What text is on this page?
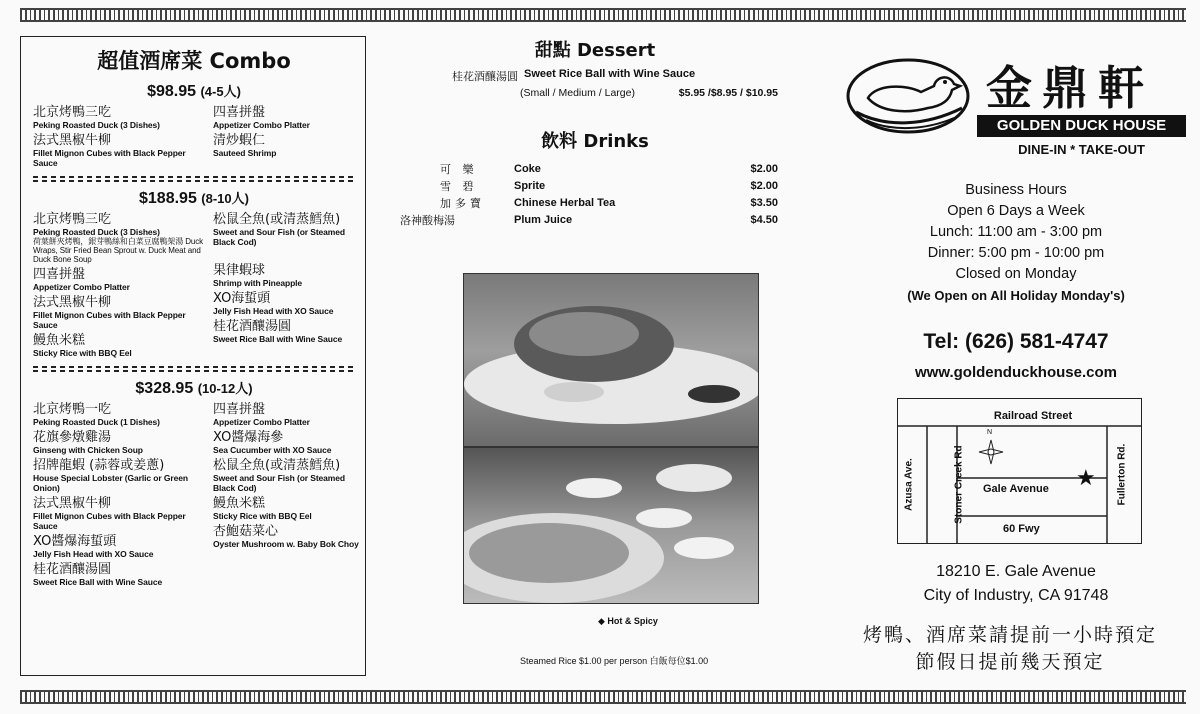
超值酒席菜 Combo
$98.95 (4-5人)
北京烤鴨三吃
Peking Roasted Duck (3 Dishes)
法式黑椒牛柳
Fillet Mignon Cubes with Black Pepper Sauce
四喜拼盤
Appetizer Combo Platter
清炒蝦仁
Sauteed Shrimp
$188.95 (8-10人)
北京烤鴨三吃
Peking Roasted Duck (3 Dishes)
荷葉餅夾烤鴨，銀芽鴨絲和白菜豆腐鴨架湯 Duck Wraps, Stir Fried Bean Sprout w. Duck Meat and Duck Bone Soup
四喜拼盤
Appetizer Combo Platter
法式黑椒牛柳
Fillet Mignon Cubes with Black Pepper Sauce
鰻魚米糕
Sticky Rice with BBQ Eel
松鼠全魚(或清蒸鱈魚)
Sweet and Sour Fish (or Steamed Black Cod)
果律蝦球
Shrimp with Pineapple
XO海蜇頭
Jelly Fish Head with XO Sauce
桂花酒釀湯圓
Sweet Rice Ball with Wine Sauce
$328.95 (10-12人)
北京烤鴨一吃
Peking Roasted Duck (1 Dishes)
花旗參燉雞湯
Ginseng with Chicken Soup
招牌龍蝦 (蒜蓉或姜蔥)
House Special Lobster (Garlic or Green Onion)
法式黑椒牛柳
Fillet Mignon Cubes with Black Pepper Sauce
XO醬爆海蜇頭
Jelly Fish Head with XO Sauce
桂花酒釀湯圓
Sweet Rice Ball with Wine Sauce
四喜拼盤
Appetizer Combo Platter
XO醬爆海參
Sea Cucumber with XO Sauce
松鼠全魚(或清蒸鱈魚)
Sweet and Sour Fish (or Steamed Black Cod)
鰻魚米糕
Sticky Rice with BBQ Eel
杏鮑菇菜心
Oyster Mushroom w. Baby Bok Choy
甜點 Dessert
桂花酒釀湯圓 Sweet Rice Ball with Wine Sauce
(Small / Medium / Large)	$5.95 /$8.95 / $10.95
飲料 Drinks
可 樂	Coke	$2.00
雪 碧	Sprite	$2.00
加多寶	Chinese Herbal Tea	$3.50
洛神酸梅湯	Plum Juice	$4.50
◆ Hot & Spicy
Steamed Rice $1.00 per person 白飯每位$1.00
金鼎軒
GOLDEN DUCK HOUSE
DINE-IN * TAKE-OUT
Business Hours
Open 6 Days a Week
Lunch: 11:00 am - 3:00 pm
Dinner: 5:00 pm - 10:00 pm
Closed on Monday
(We Open on All Holiday Monday's)
Tel: (626) 581-4747
www.goldenduckhouse.com
Railroad Street
Azusa Ave.	Stoner Creek Rd	Fullerton Rd.
Gale Avenue
60 Fwy
★
N
18210 E. Gale Avenue
City of Industry, CA 91748
烤鴨、酒席菜請提前一小時預定
節假日提前幾天預定
